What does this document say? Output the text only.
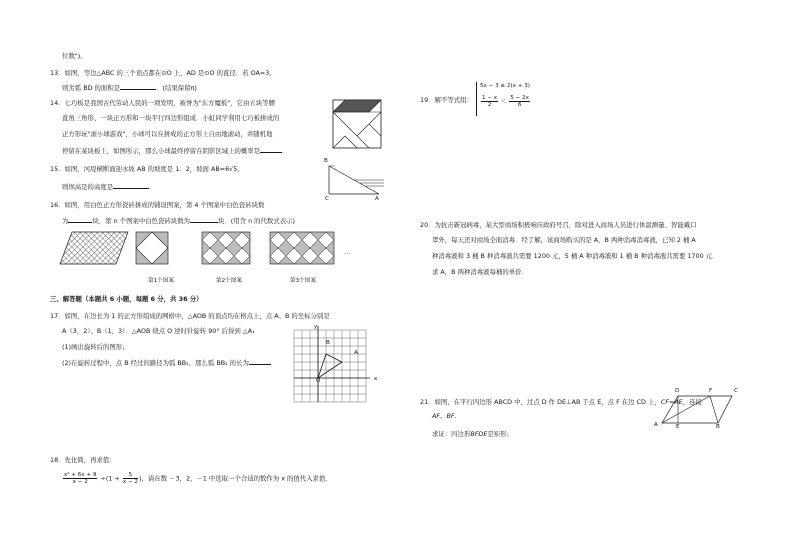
位数")。
13．如图，等边△ABC 的三个顶点都在⊙O 上，AD 是⊙O 的直径．若 OA=3，
则劣弧 BD 的面积是	．(结果保留π)
14．七巧板是我国古代劳动人民的一项发明，被誉为"东方魔板"，它由五块等腰
直角三角形、一块正方形和一块平行四边形组成．小虹同学利用七巧板拼成的
正方形玩"滚小球游戏"，小球可以在拼成的正方形上自由地滚动，并随机地
停留在某块板上，如图所示，那么小球最终停留在阴影区域上的概率是	．
15．如图，河堤横断面迎水坡 AB 的坡度是 1：2，坡面 AB=6√5，
则坝高是的高度是	．
B
C	A
16．如图，用白色正方形瓷砖拼成的铺设图案，第 4 个图案中白色瓷砖块数
为	块，第 n 个图案中白色瓷砖块数为	块．(用含 n 的代数式表示)
…
第1个图案	第2个图案	第3个图案
三、解答题（本题共 6 小题，每题 6 分，共 36 分）
17．如图，在边长为 1 的正方形组成的网格中，△AOB 的顶点均在格点上，点 A、B 的坐标分别是
A（3，2）、B（1，3）．△AOB 绕点 O 逆时针旋转 90° 后得到 △A₁
(1)画出旋转后的图形；
(2)在旋转过程中，点 B 经过的路径为弧 BB₁，那么弧 BB₁ 的长为
y
B
A
O	x
18．先化简，再求值：
$\frac{\text{x² + 6x + 9}}{x - 2} \div(1 + \frac{5}{x - 2}$ )，请在数 －3，2，－1 中选取一个合适的数作为 x 的值代入求值．
19．解不等式组：
5x − 3 ≥ 2(x + 3)
$\frac{1 - x}{2} < \frac{5 - 2x}{6}$
20．为抗击新冠病毒，某大型商场积极响应政府号召，除对进入商场人员进行体温测量、智能戴口
罩外，每天还对商场全面消毒．经了解，该商场购买的是 A，B 两种消毒消毒液，已知 2 桶 A
种消毒液和 3 桶 B 种消毒液共需要 1200 元，5 桶 A 种消毒液和 1 桶 B 种消毒液共需要 1700 元．
求 A，B 两种消毒液每桶的单价．
21．如图，在平行四边形 ABCD 中，过点 D 作 DE⊥AB 于点 E，点 F 在边 CD 上，CF=AE，连接
AF，BF．
求证：四边形BFDE是矩形；
D	F	C
A	E	B
